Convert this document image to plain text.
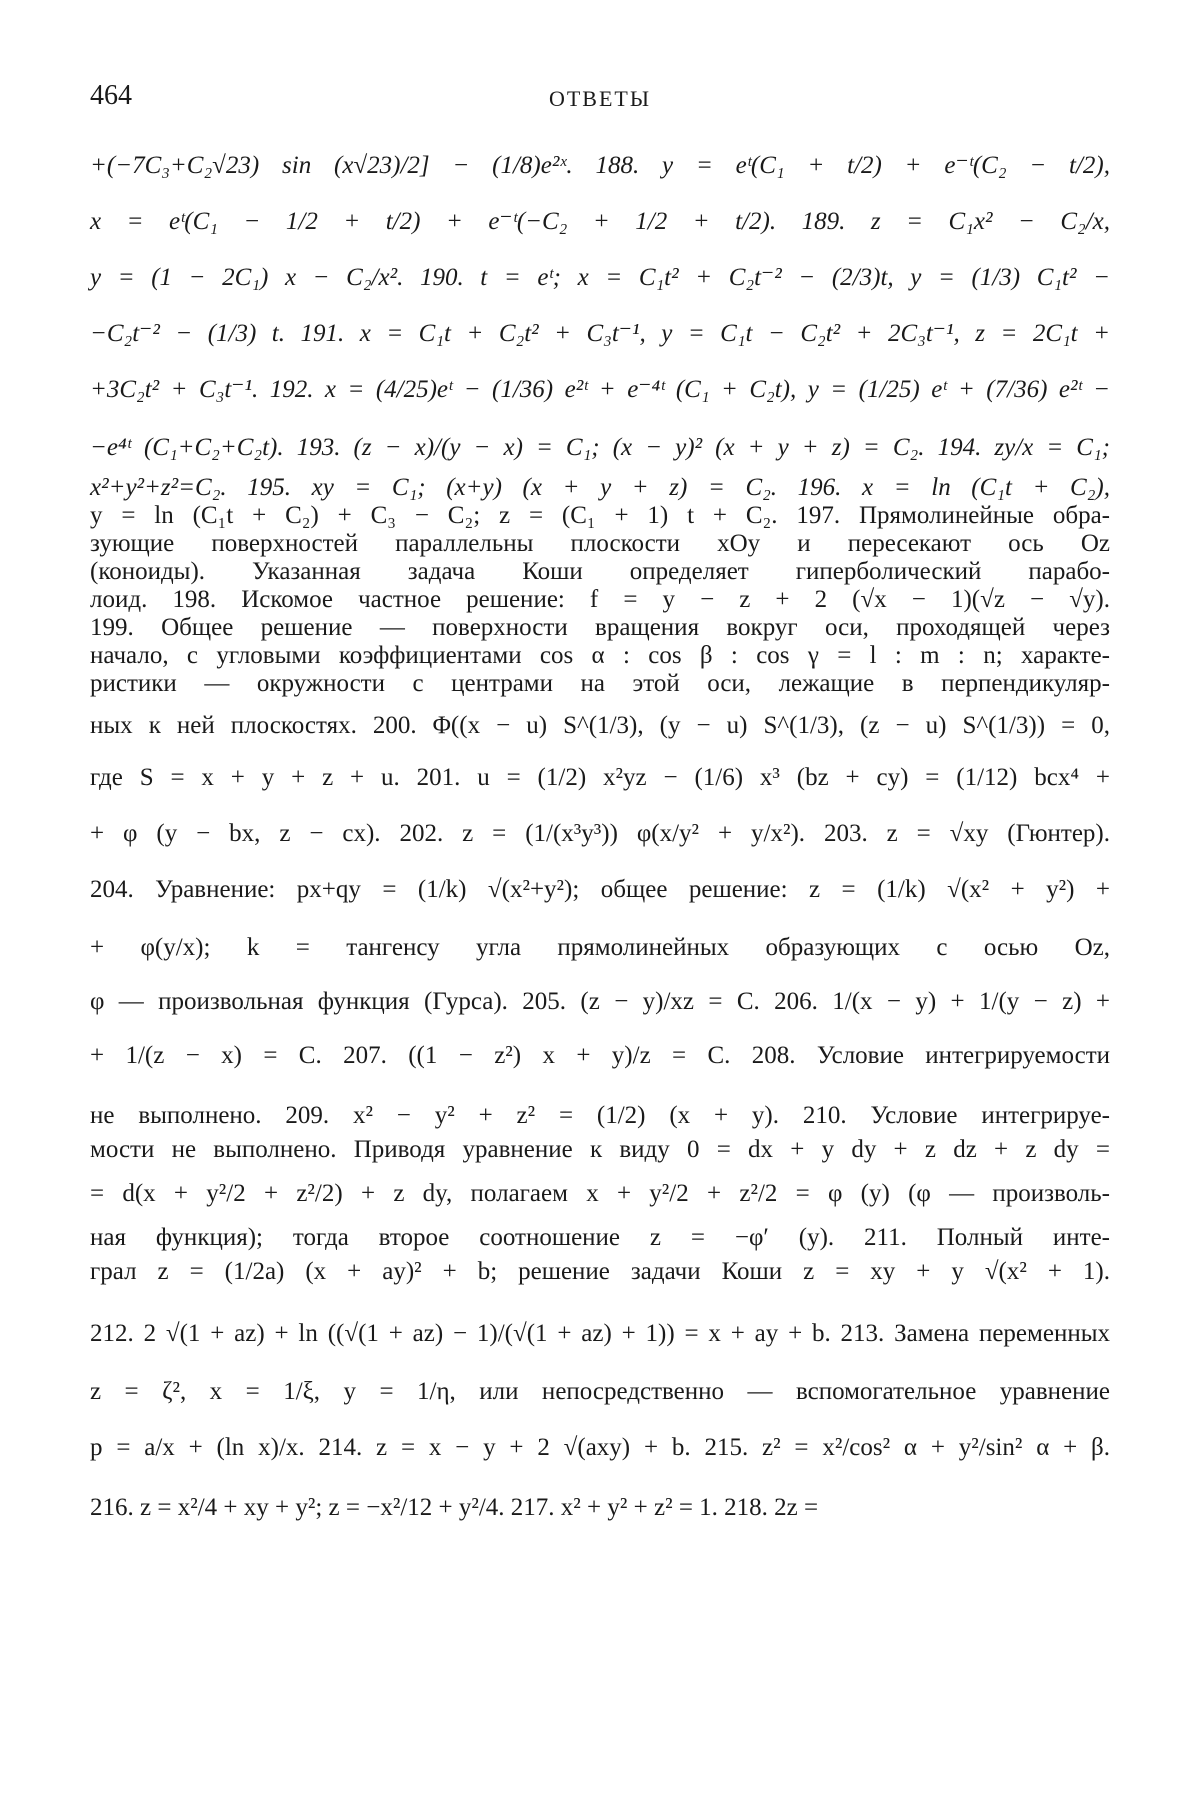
464	ОТВЕТЫ
+(−7C₃+C₂√23) sin (x√23)/2] − (1/8)e²ˣ. 188. y = eᵗ(C₁ + t/2) + e⁻ᵗ(C₂ − t/2),
x = eᵗ(C₁ − 1/2 + t/2) + e⁻ᵗ(−C₂ + 1/2 + t/2). 189. z = C₁x² − C₂/x,
y = (1 − 2C₁) x − C₂/x². 190. t = eᵗ; x = C₁t² + C₂t⁻² − (2/3)t, y = (1/3) C₁t² −
−C₂t⁻² − (1/3) t. 191. x = C₁t + C₂t² + C₃t⁻¹, y = C₁t − C₂t² + 2C₃t⁻¹, z = 2C₁t +
+3C₂t² + C₃t⁻¹. 192. x = (4/25)eᵗ − (1/36) e²ᵗ + e⁻⁴ᵗ (C₁ + C₂t), y = (1/25) eᵗ + (7/36) e²ᵗ −
−e⁴ᵗ (C₁+C₂+C₂t). 193. (z − x)/(y − x) = C₁; (x − y)² (x + y + z) = C₂. 194. zy/x = C₁;
x²+y²+z²=C₂. 195. xy = C₁; (x+y) (x + y + z) = C₂. 196. x = ln (C₁t + C₂),
y = ln (C₁t + C₂) + C₃ − C₂; z = (C₁ + 1) t + C₂. 197. Прямолинейные обра-
зующие поверхностей параллельны плоскости xOy и пересекают ось Oz
(коноиды). Указанная задача Коши определяет гиперболический парабо-
лоид. 198. Искомое частное решение: f = y − z + 2 (√x − 1)(√z − √y).
199. Общее решение — поверхности вращения вокруг оси, проходящей через
начало, с угловыми коэффициентами cos α : cos β : cos γ = l : m : n; характе-
ристики — окружности с центрами на этой оси, лежащие в перпендикуляр-
ных к ней плоскостях. 200. Φ((x − u) S^(1/3), (y − u) S^(1/3), (z − u) S^(1/3)) = 0,
где S = x + y + z + u. 201. u = (1/2) x²yz − (1/6) x³ (bz + cy) = (1/12) bcx⁴ +
+ φ (y − bx, z − cx). 202. z = (1/(x³y³)) φ(x/y² + y/x²). 203. z = √xy (Гюнтер).
204. Уравнение: px+qy = (1/k) √(x²+y²); общее решение: z = (1/k) √(x² + y²) +
+ φ(y/x); k = тангенсу угла прямолинейных образующих с осью Oz,
φ — произвольная функция (Гурса). 205. (z − y)/xz = C. 206. 1/(x − y) + 1/(y − z) +
+ 1/(z − x) = C. 207. ((1 − z²) x + y)/z = C. 208. Условие интегрируемости
не выполнено. 209. x² − y² + z² = (1/2) (x + y). 210. Условие интегрируе-
мости не выполнено. Приводя уравнение к виду 0 = dx + y dy + z dz + z dy =
= d(x + y²/2 + z²/2) + z dy, полагаем x + y²/2 + z²/2 = φ (y) (φ — произволь-
ная функция); тогда второе соотношение z = −φ′ (y). 211. Полный инте-
грал z = (1/2a) (x + ay)² + b; решение задачи Коши z = xy + y √(x² + 1).
212. 2 √(1 + az) + ln ((√(1 + az) − 1)/(√(1 + az) + 1)) = x + ay + b. 213. Замена переменных
z = ζ², x = 1/ξ, y = 1/η, или непосредственно — вспомогательное уравнение
p = a/x + (ln x)/x. 214. z = x − y + 2 √(axy) + b. 215. z² = x²/cos² α + y²/sin² α + β.
216. z = x²/4 + xy + y²; z = −x²/12 + y²/4. 217. x² + y² + z² = 1. 218. 2z =
